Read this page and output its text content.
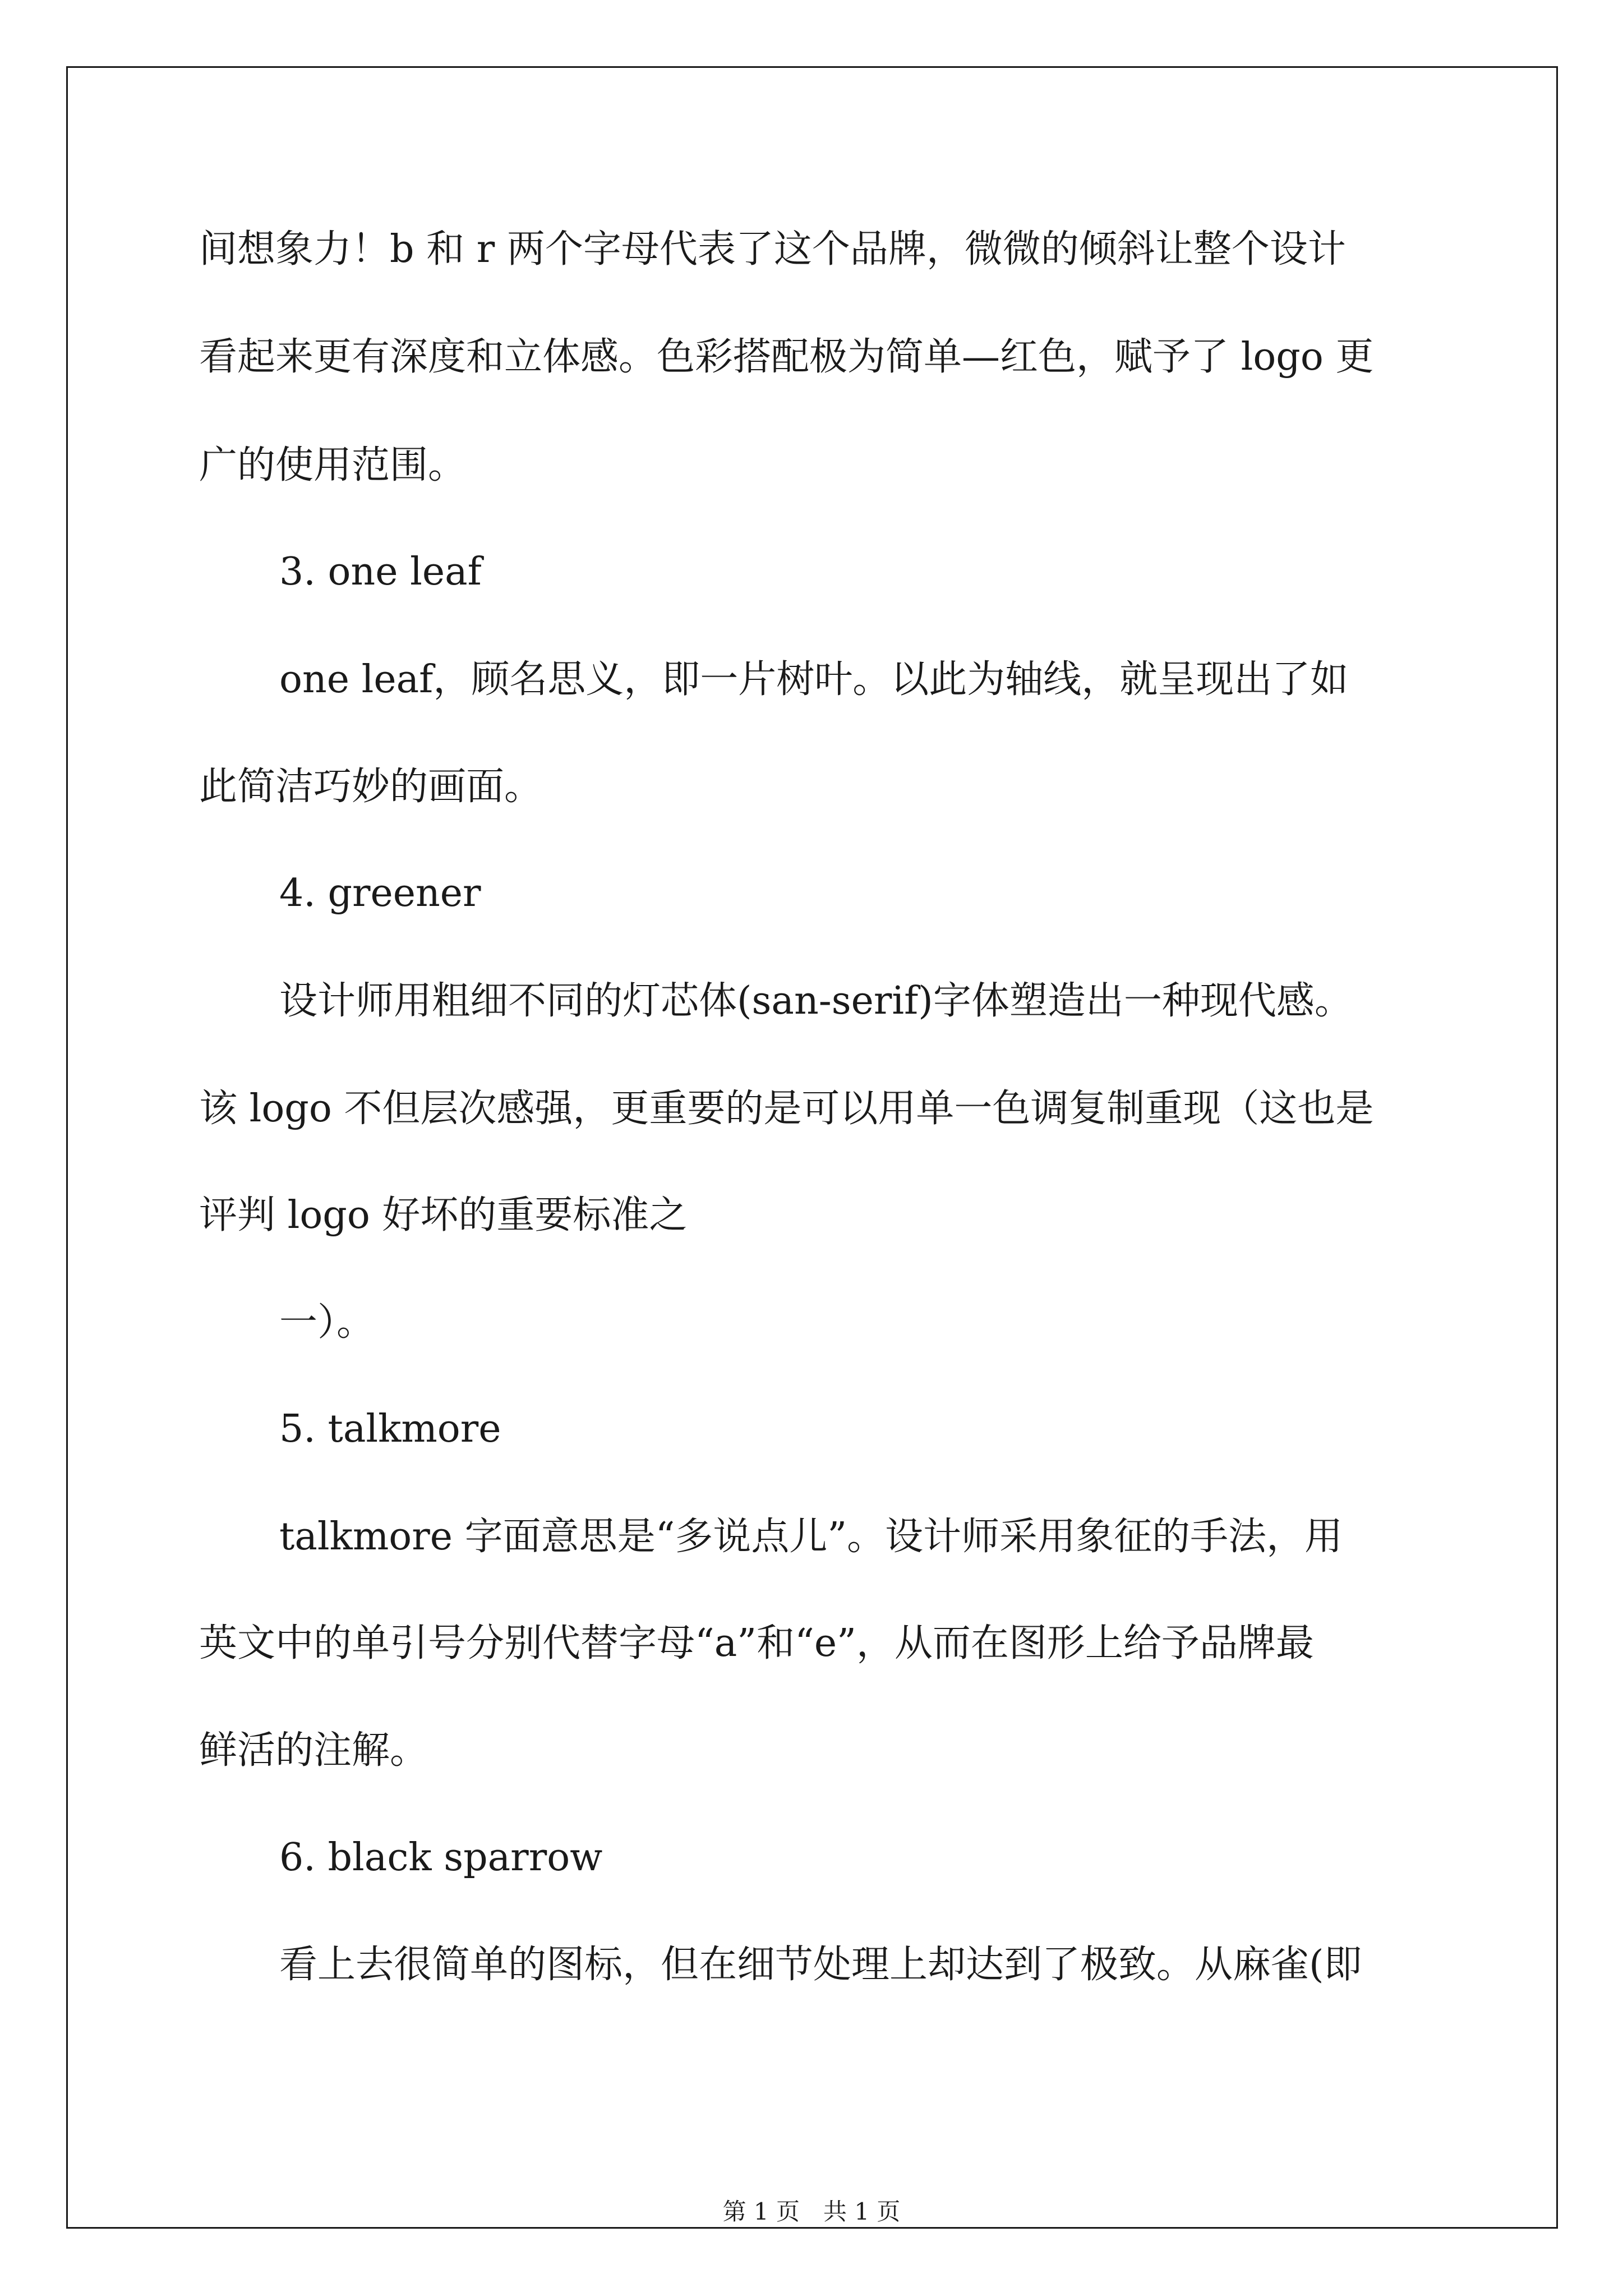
间想象力！b 和 r 两个字母代表了这个品牌，微微的倾斜让整个设计

看起来更有深度和立体感。色彩搭配极为简单—红色，赋予了 logo 更

广的使用范围。

3. one leaf

one leaf，顾名思义，即一片树叶。以此为轴线，就呈现出了如

此简洁巧妙的画面。

4. greener

设计师用粗细不同的灯芯体(san-serif)字体塑造出一种现代感。

该 logo 不但层次感强，更重要的是可以用单一色调复制重现（这也是

评判 logo 好坏的重要标准之

一）。

5. talkmore

talkmore 字面意思是“多说点儿”。设计师采用象征的手法，用

英文中的单引号分别代替字母“a”和“e”，从而在图形上给予品牌最

鲜活的注解。

6. black sparrow

看上去很简单的图标，但在细节处理上却达到了极致。从麻雀(即

第 1 页　共 1 页
